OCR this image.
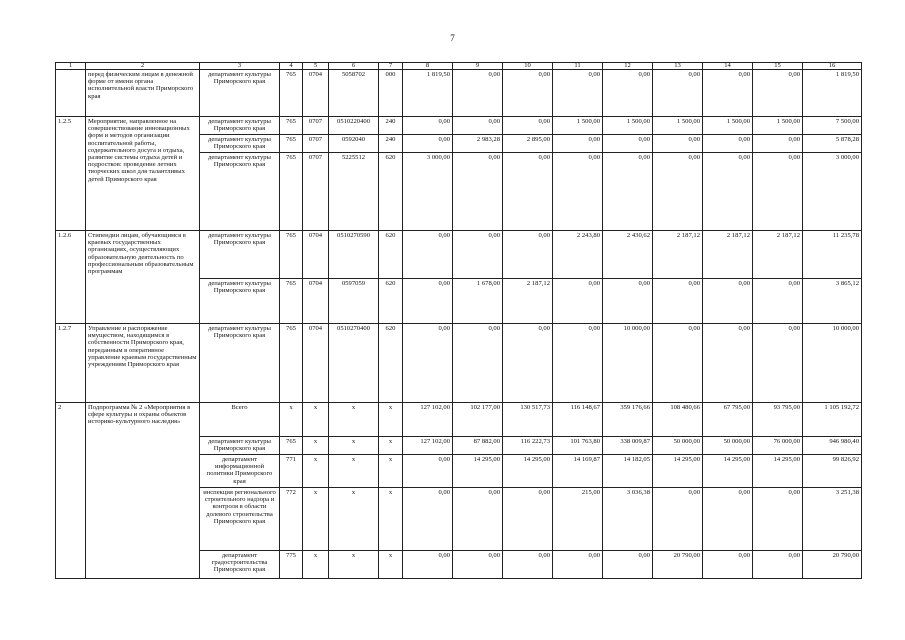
7
1	2	3	4	5	6	7	8	9	10	11	12	13	14	15	16
	перед физическим лицам в денежной форме от имени органа исполнительной власти Приморского края	департамент культуры Приморского края	765	0704	5058702	000	1 819,50	0,00	0,00	0,00	0,00	0,00	0,00	0,00	1 819,50
1.2.5	Мероприятие, направленное на совершенствование инновационных форм и методов организации воспитательной работы, содержательного досуга и отдыха, развитие системы отдыха детей и подростков: проведение летних творческих школ для талантливых детей Приморского края	департамент культуры Приморского края	765	0707	0510220400	240	0,00	0,00	0,00	1 500,00	1 500,00	1 500,00	1 500,00	1 500,00	7 500,00
		департамент культуры Приморского края	765	0707	0592040	240	0,00	2 983,28	2 895,00	0,00	0,00	0,00	0,00	0,00	5 878,28
		департамент культуры Приморского края	765	0707	5225512	620	3 000,00	0,00	0,00	0,00	0,00	0,00	0,00	0,00	3 000,00
1.2.6	Стипендии лицам, обучающимся в краевых государственных организациях, осуществляющих образовательную деятельность по профессиональным образовательным программам	департамент культуры Приморского края	765	0704	0510270590	620	0,00	0,00	0,00	2 243,80	2 430,62	2 187,12	2 187,12	2 187,12	11 235,78
		департамент культуры Приморского края	765	0704	0597059	620	0,00	1 678,00	2 187,12	0,00	0,00	0,00	0,00	0,00	3 865,12
1.2.7	Управление и распоряжение имуществом, находящимся в собственности Приморского края, переданным в оперативное управление краевым государственным учреждениям Приморского края	департамент культуры Приморского края	765	0704	0510270400	620	0,00	0,00	0,00	0,00	10 000,00	0,00	0,00	0,00	10 000,00
2	Подпрограмма № 2 «Мероприятия в сфере культуры и охраны объектов историко-культурного наследия»	Всего	х	х	х	х	127 102,00	102 177,00	130 517,73	116 148,67	359 176,66	108 480,66	67 795,00	93 795,00	1 105 192,72
		департамент культуры Приморского края	765	х	х	х	127 102,00	87 882,00	116 222,73	101 763,80	338 009,87	50 000,00	50 000,00	76 000,00	946 980,40
		департамент информационной политики Приморского края	771	х	х	х	0,00	14 295,00	14 295,00	14 169,87	14 182,05	14 295,00	14 295,00	14 295,00	99 826,92
		инспекция регионального строительного надзора и контроля в области долевого строительства Приморского края	772	х	х	х	0,00	0,00	0,00	215,00	3 036,38	0,00	0,00	0,00	3 251,38
		департамент градостроительства Приморского края	775	х	х	х	0,00	0,00	0,00	0,00	0,00	20 790,00	0,00	0,00	20 790,00
